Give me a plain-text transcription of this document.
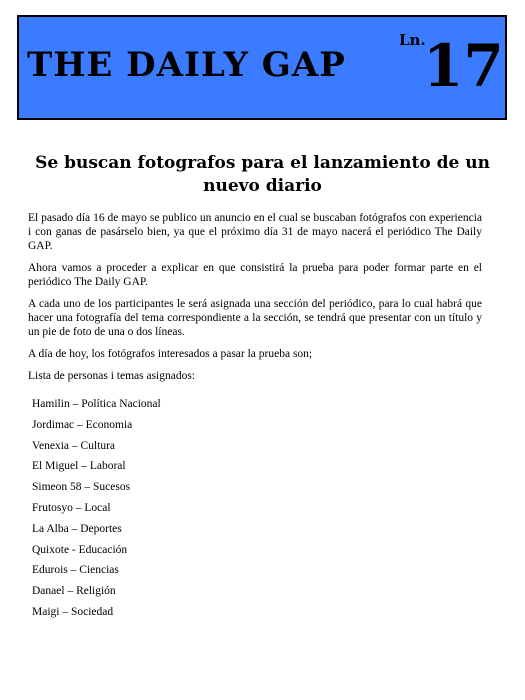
THE DAILY GAP
Ln.
17
Se buscan fotografos para el lanzamiento de un nuevo diario

El pasado día 16 de mayo se publico un anuncio en el cual se buscaban fotógrafos con experiencia i con ganas de pasárselo bien, ya que el próximo día 31 de mayo nacerá el periódico The Daily GAP.

Ahora vamos a proceder a explicar en que consistirá la prueba para poder formar parte en el periódico The Daily GAP.

A cada uno de los participantes le será asignada una sección del periódico, para lo cual habrá que hacer una fotografía del tema correspondiente a la sección, se tendrá que presentar con un título y un pie de foto de una o dos líneas.

A día de hoy, los fotógrafos interesados a pasar la prueba son;

Lista de personas i temas asignados:

Hamilin – Política Nacional
Jordimac – Economia
Venexia – Cultura
El Miguel – Laboral
Simeon 58 – Sucesos
Frutosyo – Local
La Alba – Deportes
Quixote - Educación
Edurois – Ciencias
Danael – Religión
Maigi – Sociedad
